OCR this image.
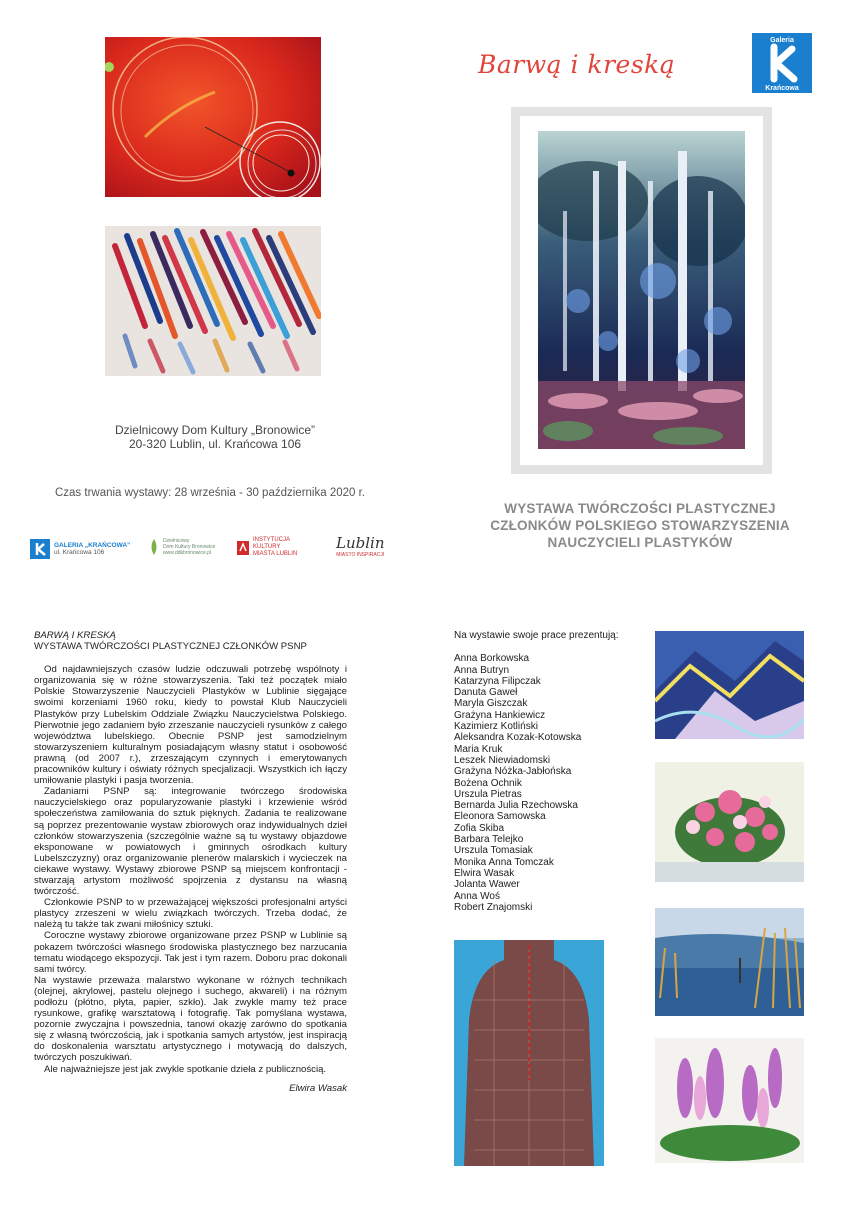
Barwą i kreską
Galeria
Krańcowa
Dzielnicowy Dom Kultury „Bronowice”
20-320 Lublin, ul. Krańcowa 106
Czas trwania wystawy: 28 września - 30 października 2020 r.
WYSTAWA TWÓRCZOŚCI PLASTYCZNEJ
CZŁONKÓW POLSKIEGO STOWARZYSZENIA
NAUCZYCIELI PLASTYKÓW
GALERIA „KRAŃCOWA”
ul. Krańcowa 106
Dzielnicowy
Dom Kultury Bronowice
www.ddkbronowice.pl
INSTYTUCJA
KULTURY
MIASTA LUBLIN
Lublin
MIASTO INSPIRACJI
BARWĄ I KRESKĄ
WYSTAWA TWÓRCZOŚCI PLASTYCZNEJ CZŁONKÓW PSNP

Od najdawniejszych czasów ludzie odczuwali potrzebę wspólnoty i organizowania się w różne stowarzyszenia. Taki też początek miało Polskie Stowarzyszenie Nauczycieli Plastyków w Lublinie sięgające swoimi korzeniami 1960 roku, kiedy to powstał Klub Nauczycieli Plastyków przy Lubelskim Oddziale Związku Nauczycielstwa Polskiego. Pierwotnie jego zadaniem było zrzeszanie nauczycieli rysunków z całego województwa lubelskiego. Obecnie PSNP jest samodzielnym stowarzyszeniem kulturalnym posiadającym własny statut i osobowość prawną (od 2007 r.), zrzeszającym czynnych i emerytowanych pracowników kultury i oświaty różnych specjalizacji. Wszystkich ich łączy umiłowanie plastyki i pasja tworzenia.

Zadaniami PSNP są: integrowanie twórczego środowiska nauczycielskiego oraz popularyzowanie plastyki i krzewienie wśród społeczeństwa zamiłowania do sztuk pięknych. Zadania te realizowane są poprzez prezentowanie wystaw zbiorowych oraz indywidualnych dzieł członków stowarzyszenia (szczególnie ważne są tu wystawy objazdowe eksponowane w powiatowych i gminnych ośrodkach kultury Lubelszczyzny) oraz organizowanie plenerów malarskich i wycieczek na ciekawe wystawy. Wystawy zbiorowe PSNP są miejscem konfrontacji - stwarzają artystom możliwość spojrzenia z dystansu na własną twórczość.

Członkowie PSNP to w przeważającej większości profesjonalni artyści plastycy zrzeszeni w wielu związkach twórczych. Trzeba dodać, że należą tu także tak zwani miłośnicy sztuki.

Coroczne wystawy zbiorowe organizowane przez PSNP w Lublinie są pokazem twórczości własnego środowiska plastycznego bez narzucania tematu wiodącego ekspozycji. Tak jest i tym razem. Doboru prac dokonali sami twórcy.

Na wystawie przeważa malarstwo wykonane w różnych technikach (olejnej, akrylowej, pastelu olejnego i suchego, akwareli) i na różnym podłożu (płótno, płyta, papier, szkło). Jak zwykle mamy też prace rysunkowe, grafikę warsztatową i fotografię. Tak pomyślana wystawa, pozornie zwyczajna i powszednia, tanowi okazję zarówno do spotkania się z własną twórczością, jak i spotkania samych artystów, jest inspiracją do doskonalenia warsztatu artystycznego i motywacją do dalszych, twórczych poszukiwań.

Ale najważniejsze jest jak zwykle spotkanie dzieła z publicznością.

Elwira Wasak

Na wystawie swoje prace prezentują:
Anna Borkowska
Anna Butryn
Katarzyna Filipczak
Danuta Gaweł
Maryla Giszczak
Grażyna Hankiewicz
Kazimierz Kotliński
Aleksandra Kozak-Kotowska
Maria Kruk
Leszek Niewiadomski
Grażyna Nóżka-Jabłońska
Bożena Ochnik
Urszula Pietras
Bernarda Julia Rzechowska
Eleonora Samowska
Zofia Skiba
Barbara Telejko
Urszula Tomasiak
Monika Anna Tomczak
Elwira Wasak
Jolanta Wawer
Anna Woś
Robert Znajomski
